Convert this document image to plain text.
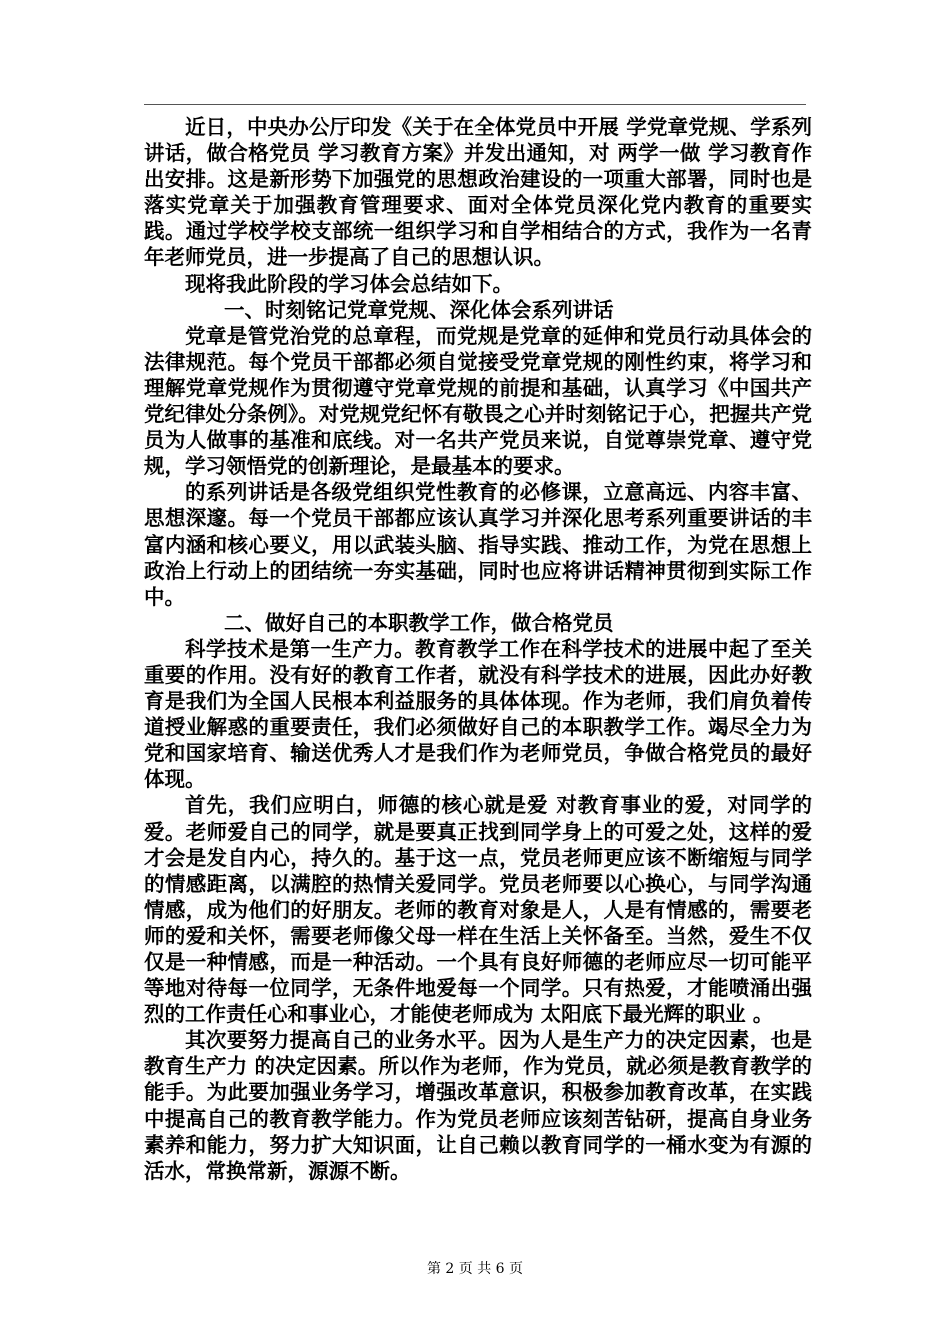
近日，中央办公厅印发《关于在全体党员中开展 学党章党规、学系列讲话，做合格党员 学习教育方案》并发出通知，对 两学一做 学习教育作出安排。这是新形势下加强党的思想政治建设的一项重大部署，同时也是落实党章关于加强教育管理要求、面对全体党员深化党内教育的重要实践。通过学校学校支部统一组织学习和自学相结合的方式，我作为一名青年老师党员，进一步提高了自己的思想认识。

现将我此阶段的学习体会总结如下。

一、时刻铭记党章党规、深化体会系列讲话

党章是管党治党的总章程，而党规是党章的延伸和党员行动具体会的法律规范。每个党员干部都必须自觉接受党章党规的刚性约束，将学习和理解党章党规作为贯彻遵守党章党规的前提和基础，认真学习《中国共产党纪律处分条例》。对党规党纪怀有敬畏之心并时刻铭记于心，把握共产党员为人做事的基准和底线。对一名共产党员来说，自觉尊崇党章、遵守党规，学习领悟党的创新理论，是最基本的要求。

的系列讲话是各级党组织党性教育的必修课，立意高远、内容丰富、思想深邃。每一个党员干部都应该认真学习并深化思考系列重要讲话的丰富内涵和核心要义，用以武装头脑、指导实践、推动工作，为党在思想上政治上行动上的团结统一夯实基础，同时也应将讲话精神贯彻到实际工作中。

二、做好自己的本职教学工作，做合格党员

科学技术是第一生产力。教育教学工作在科学技术的进展中起了至关重要的作用。没有好的教育工作者，就没有科学技术的进展，因此办好教育是我们为全国人民根本利益服务的具体体现。作为老师，我们肩负着传道授业解惑的重要责任，我们必须做好自己的本职教学工作。竭尽全力为党和国家培育、输送优秀人才是我们作为老师党员，争做合格党员的最好体现。

首先，我们应明白，师德的核心就是爱 对教育事业的爱，对同学的爱。老师爱自己的同学，就是要真正找到同学身上的可爱之处，这样的爱才会是发自内心，持久的。基于这一点，党员老师更应该不断缩短与同学的情感距离，以满腔的热情关爱同学。党员老师要以心换心，与同学沟通情感，成为他们的好朋友。老师的教育对象是人，人是有情感的，需要老师的爱和关怀，需要老师像父母一样在生活上关怀备至。当然，爱生不仅仅是一种情感，而是一种活动。一个具有良好师德的老师应尽一切可能平等地对待每一位同学，无条件地爱每一个同学。只有热爱，才能喷涌出强烈的工作责任心和事业心，才能使老师成为 太阳底下最光辉的职业 。

其次要努力提高自己的业务水平。因为人是生产力的决定因素，也是 教育生产力 的决定因素。所以作为老师，作为党员，就必须是教育教学的能手。为此要加强业务学习，增强改革意识，积极参加教育改革，在实践中提高自己的教育教学能力。作为党员老师应该刻苦钻研，提高自身业务素养和能力，努力扩大知识面，让自己赖以教育同学的一桶水变为有源的活水，常换常新，源源不断。

第 2 页 共 6 页
